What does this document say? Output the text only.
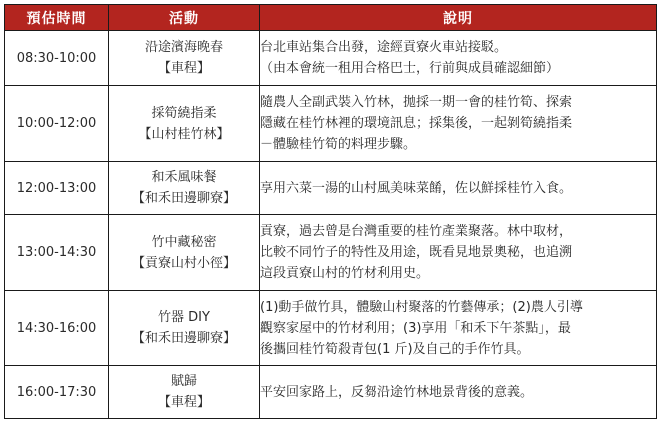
預估時間	活動	說明
08:30-10:00	沿途濱海晚春
【車程】	台北車站集合出發，途經貢寮火車站接駁。
（由本會統一租用合格巴士，行前與成員確認細節）

10:00-12:00	採筍繞指柔
【山村桂竹林】	隨農人全副武裝入竹林，拋採一期一會的桂竹筍、探索
隱藏在桂竹林裡的環境訊息；採集後，一起剝筍繞指柔
－體驗桂竹筍的料理步驟。

12:00-13:00	和禾風味餐
【和禾田邊聊寮】	享用六菜一湯的山村風美味菜餚，佐以鮮採桂竹入食。

13:00-14:30	竹中藏秘密
【貢寮山村小徑】	貢寮，過去曾是台灣重要的桂竹產業聚落。林中取材，
比較不同竹子的特性及用途，既看見地景奧秘，也追溯
這段貢寮山村的竹材利用史。

14:30-16:00	竹器 DIY
【和禾田邊聊寮】	(1)動手做竹具，體驗山村聚落的竹藝傳承；(2)農人引導
觀察家屋中的竹材利用；(3)享用「和禾下午茶點」，最
後攜回桂竹筍殺青包(1 斤)及自己的手作竹具。

16:00-17:30	賦歸
【車程】	平安回家路上，反芻沿途竹林地景背後的意義。
